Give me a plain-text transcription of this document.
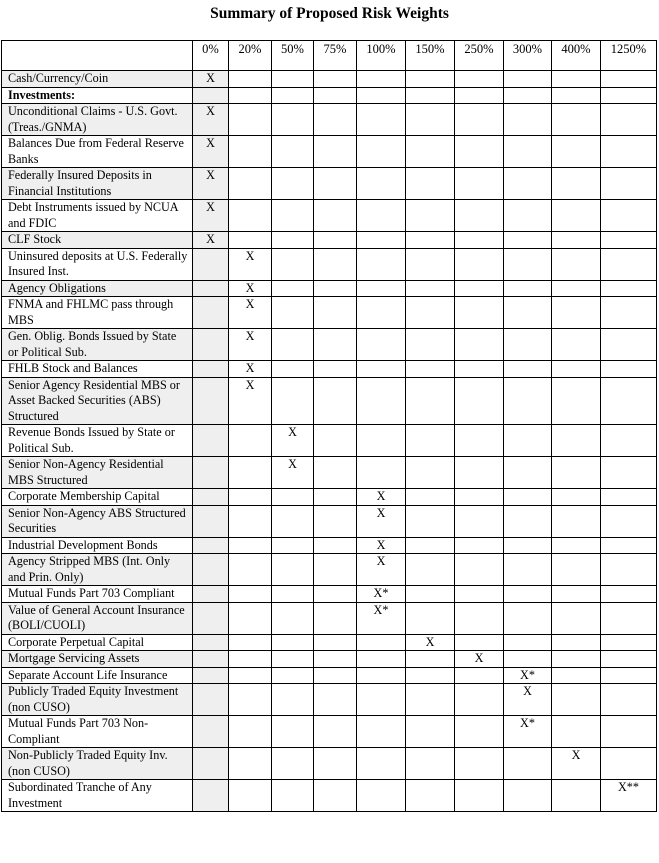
Summary of Proposed Risk Weights
	0%	20%	50%	75%	100%	150%	250%	300%	400%	1250%
Cash/Currency/Coin	X									
Investments:										
Unconditional Claims - U.S. Govt. (Treas./GNMA)	X									
Balances Due from Federal Reserve Banks	X									
Federally Insured Deposits in Financial Institutions	X									
Debt Instruments issued by NCUA and FDIC	X									
CLF Stock	X									
Uninsured deposits at U.S. Federally Insured Inst.		X								
Agency Obligations		X								
FNMA and FHLMC pass through MBS		X								
Gen. Oblig. Bonds Issued by State or Political Sub.		X								
FHLB Stock and Balances		X								
Senior Agency Residential MBS or Asset Backed Securities (ABS) Structured		X								
Revenue Bonds Issued by State or Political Sub.			X							
Senior Non-Agency Residential MBS Structured			X							
Corporate Membership Capital					X					
Senior Non-Agency ABS Structured Securities					X					
Industrial Development Bonds					X					
Agency Stripped MBS (Int. Only and Prin. Only)					X					
Mutual Funds Part 703 Compliant					X*					
Value of General Account Insurance (BOLI/CUOLI)					X*					
Corporate Perpetual Capital						X				
Mortgage Servicing Assets							X			
Separate Account Life Insurance								X*		
Publicly Traded Equity Investment (non CUSO)								X		
Mutual Funds Part 703 Non-Compliant								X*		
Non-Publicly Traded Equity Inv. (non CUSO)									X	
Subordinated Tranche of Any Investment										X**
